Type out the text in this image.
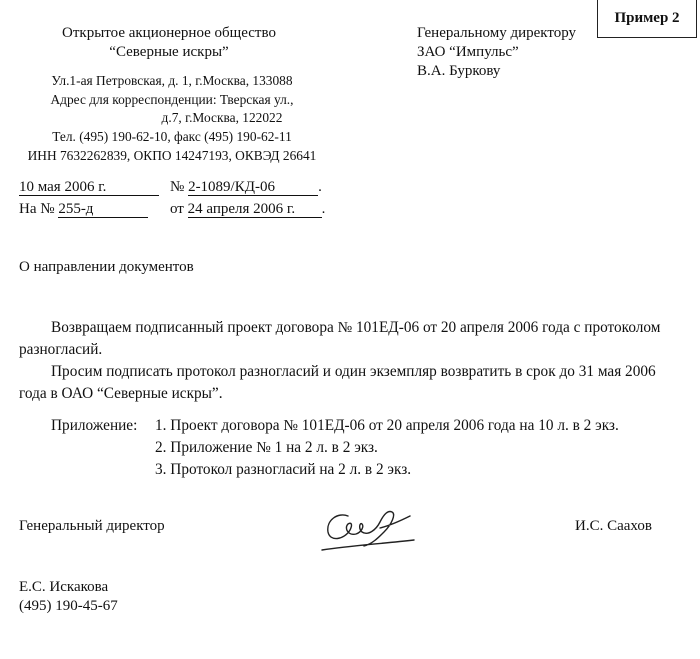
Пример 2
Открытое акционерное общество
“Северные искры”
Ул.1-ая Петровская, д. 1, г.Москва, 133088
Адрес для корреспонденции: Тверская ул.,
д.7, г.Москва, 122022
Тел. (495) 190-62-10, факс (495) 190-62-11
ИНН 7632262839, ОКПО 14247193, ОКВЭД 26641
Генеральному директору
ЗАО “Импульс”
В.А. Буркову
10 мая 2006 г.	№ 2-1089/КД-06	.
На № 255-д	от 24 апреля 2006 г. .
О направлении документов
Возвращаем подписанный проект договора № 101ЕД-06 от 20 апреля 2006 года с протоколом разногласий.
Просим подписать протокол разногласий и один экземпляр возвратить в срок до 31 мая 2006 года в ОАО “Северные искры”.
Приложение: 1. Проект договора № 101ЕД-06 от 20 апреля 2006 года на 10 л. в 2 экз.
2. Приложение № 1 на 2 л. в 2 экз.
3. Протокол разногласий на 2 л. в 2 экз.
Генеральный директор	И.С. Саахов
Е.С. Искакова
(495) 190-45-67
